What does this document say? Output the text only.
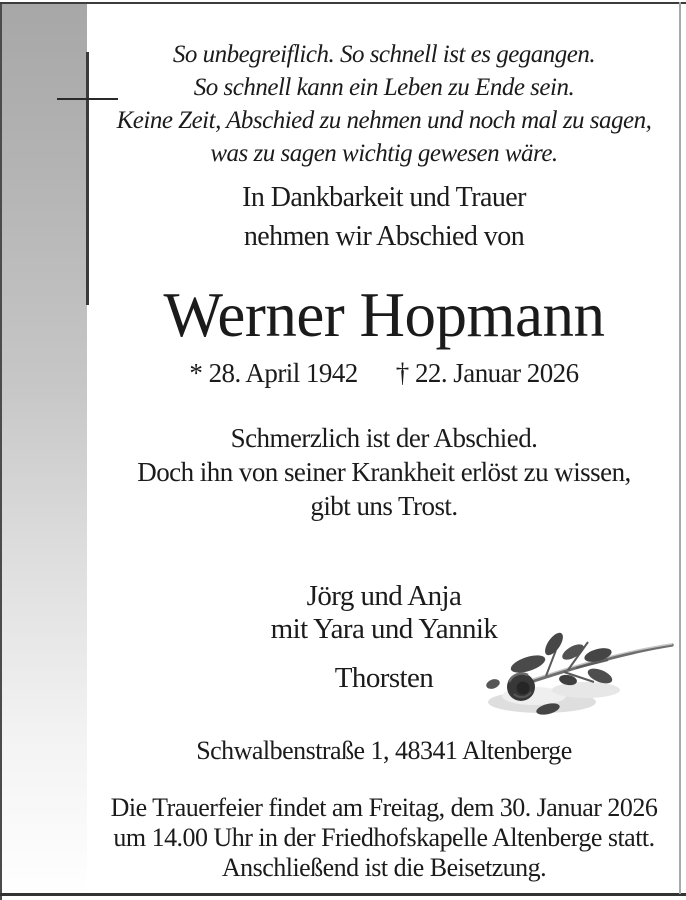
So unbegreiflich. So schnell ist es gegangen.
So schnell kann ein Leben zu Ende sein.
Keine Zeit, Abschied zu nehmen und noch mal zu sagen,
was zu sagen wichtig gewesen wäre.
In Dankbarkeit und Trauer
nehmen wir Abschied von
Werner Hopmann
* 28. April 1942 † 22. Januar 2026
Schmerzlich ist der Abschied.
Doch ihn von seiner Krankheit erlöst zu wissen,
gibt uns Trost.
Jörg und Anja
mit Yara und Yannik
Thorsten
Schwalbenstraße 1, 48341 Altenberge
Die Trauerfeier findet am Freitag, dem 30. Januar 2026
um 14.00 Uhr in der Friedhofskapelle Altenberge statt.
Anschließend ist die Beisetzung.
